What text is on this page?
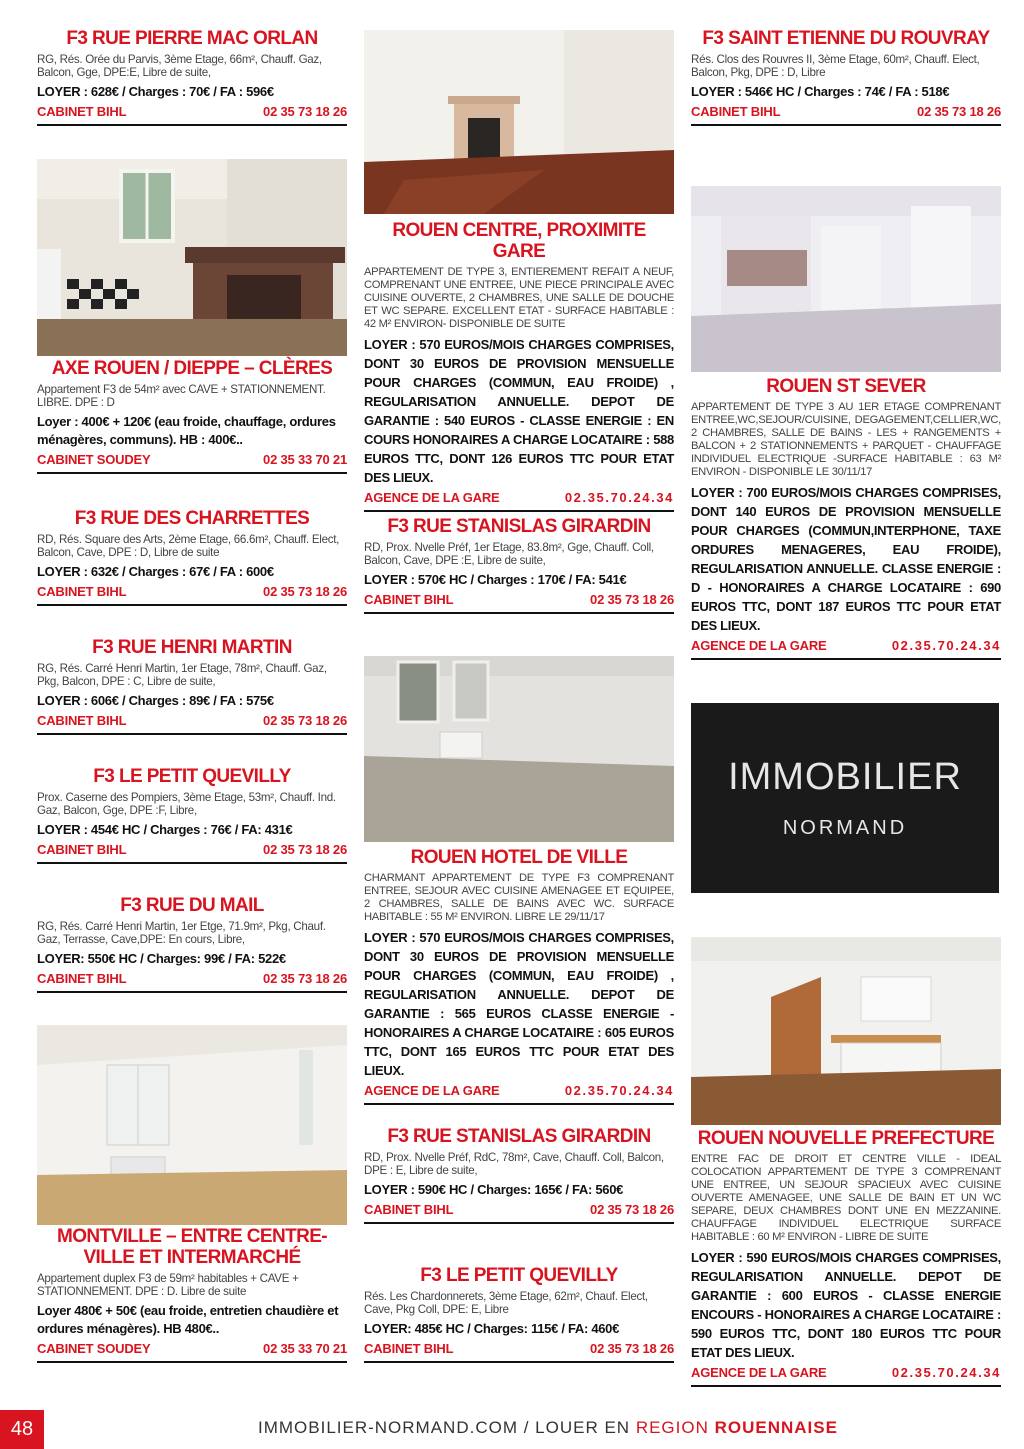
F3 RUE PIERRE MAC ORLAN
RG, Rés. Orée du Parvis, 3ème Etage, 66m², Chauff. Gaz, Balcon, Gge, DPE:E, Libre de suite,
LOYER : 628€ / Charges : 70€ / FA : 596€
CABINET BIHL	02 35 73 18 26
AXE ROUEN / DIEPPE – CLÈRES
Appartement F3 de 54m² avec CAVE + STATIONNEMENT. LIBRE. DPE : D
Loyer : 400€ + 120€ (eau froide, chauffage, ordures ménagères, communs). HB : 400€..
CABINET SOUDEY	02 35 33 70 21
F3 RUE DES CHARRETTES
RD, Rés. Square des Arts, 2ème Etage, 66.6m², Chauff. Elect, Balcon, Cave, DPE : D, Libre de suite
LOYER : 632€ / Charges : 67€ / FA : 600€
CABINET BIHL	02 35 73 18 26
F3 RUE HENRI MARTIN
RG, Rés. Carré Henri Martin, 1er Etage, 78m², Chauff. Gaz, Pkg, Balcon, DPE : C, Libre de suite,
LOYER : 606€ / Charges : 89€ / FA : 575€
CABINET BIHL	02 35 73 18 26
F3 LE PETIT QUEVILLY
Prox. Caserne des Pompiers, 3ème Etage, 53m², Chauff. Ind. Gaz, Balcon, Gge, DPE :F, Libre,
LOYER : 454€ HC / Charges : 76€ / FA: 431€
CABINET BIHL	02 35 73 18 26
F3 RUE DU MAIL
RG, Rés. Carré Henri Martin, 1er Etge, 71.9m², Pkg, Chauf. Gaz, Terrasse, Cave,DPE: En cours, Libre,
LOYER: 550€ HC / Charges: 99€ / FA: 522€
CABINET BIHL	02 35 73 18 26
MONTVILLE – ENTRE CENTRE-VILLE ET INTERMARCHÉ
Appartement duplex F3 de 59m² habitables + CAVE + STATIONNEMENT. DPE : D. Libre de suite
Loyer 480€ + 50€ (eau froide, entretien chaudière et ordures ménagères). HB 480€..
CABINET SOUDEY	02 35 33 70 21
ROUEN CENTRE, PROXIMITE GARE
APPARTEMENT DE TYPE 3, ENTIEREMENT REFAIT A NEUF, COMPRENANT UNE ENTREE, UNE PIECE PRINCIPALE AVEC CUISINE OUVERTE, 2 CHAMBRES, UNE SALLE DE DOUCHE ET WC SEPARE. EXCELLENT ETAT - SURFACE HABITABLE : 42 M² ENVIRON- DISPONIBLE DE SUITE
LOYER : 570 EUROS/MOIS CHARGES COMPRISES, DONT 30 EUROS DE PROVISION MENSUELLE POUR CHARGES (COMMUN, EAU FROIDE) , REGULARISATION ANNUELLE. DEPOT DE GARANTIE : 540 EUROS - CLASSE ENERGIE : EN COURS HONORAIRES A CHARGE LOCATAIRE : 588 EUROS TTC, DONT 126 EUROS TTC POUR ETAT DES LIEUX.
AGENCE DE LA GARE	02.35.70.24.34
F3 RUE STANISLAS GIRARDIN
RD, Prox. Nvelle Préf, 1er Etage, 83.8m², Gge, Chauff. Coll, Balcon, Cave, DPE :E, Libre de suite,
LOYER : 570€ HC / Charges : 170€ / FA: 541€
CABINET BIHL	02 35 73 18 26
ROUEN HOTEL DE VILLE
CHARMANT APPARTEMENT DE TYPE F3 COMPRENANT ENTREE, SEJOUR AVEC CUISINE AMENAGEE ET EQUIPEE, 2 CHAMBRES, SALLE DE BAINS AVEC WC. SURFACE HABITABLE : 55 M² ENVIRON. LIBRE LE 29/11/17
LOYER : 570 EUROS/MOIS CHARGES COMPRISES, DONT 30 EUROS DE PROVISION MENSUELLE POUR CHARGES (COMMUN, EAU FROIDE) , REGULARISATION ANNUELLE. DEPOT DE GARANTIE : 565 EUROS CLASSE ENERGIE -HONORAIRES A CHARGE LOCATAIRE : 605 EUROS TTC, DONT 165 EUROS TTC POUR ETAT DES LIEUX.
AGENCE DE LA GARE	02.35.70.24.34
F3 RUE STANISLAS GIRARDIN
RD, Prox. Nvelle Préf, RdC, 78m², Cave, Chauff. Coll, Balcon, DPE : E, Libre de suite,
LOYER : 590€ HC / Charges: 165€ / FA: 560€
CABINET BIHL	02 35 73 18 26
F3 LE PETIT QUEVILLY
Rés. Les Chardonnerets, 3ème Etage, 62m², Chauf. Elect, Cave, Pkg Coll, DPE: E, Libre
LOYER: 485€ HC / Charges: 115€ / FA: 460€
CABINET BIHL	02 35 73 18 26
F3 SAINT ETIENNE DU ROUVRAY
Rés. Clos des Rouvres II, 3ème Etage, 60m², Chauff. Elect, Balcon, Pkg, DPE : D, Libre
LOYER : 546€ HC / Charges : 74€ / FA : 518€
CABINET BIHL	02 35 73 18 26
ROUEN ST SEVER
APPARTEMENT DE TYPE 3 AU 1ER ETAGE COMPRENANT ENTREE,WC,SEJOUR/CUISINE, DEGAGEMENT,CELLIER,WC, 2 CHAMBRES, SALLE DE BAINS - LES + RANGEMENTS + BALCON + 2 STATIONNEMENTS + PARQUET - CHAUFFAGE INDIVIDUEL ELECTRIQUE -SURFACE HABITABLE : 63 M² ENVIRON - DISPONIBLE LE 30/11/17
LOYER : 700 EUROS/MOIS CHARGES COMPRISES, DONT 140 EUROS DE PROVISION MENSUELLE POUR CHARGES (COMMUN,INTERPHONE, TAXE ORDURES MENAGERES, EAU FROIDE), REGULARISATION ANNUELLE. CLASSE ENERGIE : D - HONORAIRES A CHARGE LOCATAIRE : 690 EUROS TTC, DONT 187 EUROS TTC POUR ETAT DES LIEUX.
AGENCE DE LA GARE	02.35.70.24.34
IMMOBILIER
NORMAND
ROUEN NOUVELLE PREFECTURE
ENTRE FAC DE DROIT ET CENTRE VILLE - IDEAL COLOCATION APPARTEMENT DE TYPE 3 COMPRENANT UNE ENTREE, UN SEJOUR SPACIEUX AVEC CUISINE OUVERTE AMENAGEE, UNE SALLE DE BAIN ET UN WC SEPARE, DEUX CHAMBRES DONT UNE EN MEZZANINE. CHAUFFAGE INDIVIDUEL ELECTRIQUE SURFACE HABITABLE : 60 M² ENVIRON - LIBRE DE SUITE
LOYER : 590 EUROS/MOIS CHARGES COMPRISES, REGULARISATION ANNUELLE. DEPOT DE GARANTIE : 600 EUROS - CLASSE ENERGIE ENCOURS - HONORAIRES A CHARGE LOCATAIRE : 590 EUROS TTC, DONT 180 EUROS TTC POUR ETAT DES LIEUX.
AGENCE DE LA GARE	02.35.70.24.34
48	IMMOBILIER-NORMAND.COM / LOUER EN REGION ROUENNAISE
